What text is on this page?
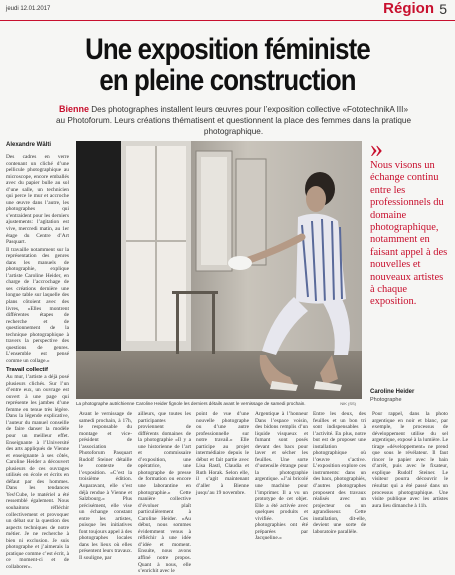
jeudi 12.01.2017	Région 5
Une exposition féministe
en pleine construction
Bienne Des photographes installent leurs œuvres pour l’exposition collective «FototechnikA III» au Photoforum. Leurs créations thématisent et questionnent la place des femmes dans la pratique photographique.
Alexandre Wälti

Des cadres en verre contenant un cliché d’une pellicule photographique au microscope, encore emballés avec du papier bulle au sol d’une salle, un technicien qui perce le mur et accroche une œuvre dans l’autre, les photographes qui s’entraident pour les derniers ajustements: l’agitation est vive, mercredi matin, au 1er étage du Centre d’Art Pasquart.

Il travaille notamment sur la représentation des genres dans les manuels de photographie, explique l’artiste Caroline Heider, en charge de l’accrochage de ses créations dernière une longue table sur laquelle des plans côtoient avec des livres, «Elles montrent différentes étapes de recherche et de questionnement de la technique photographique à travers la perspective des questions de genres. L’ensemble est pensé comme un collage.»

Travail collectif

Au mur, l’artiste a déjà posé plusieurs clichés. Sur l’un d’entre eux, un ouvrage est ouvert à une page qui représente les jambes d’une femme en tenue très légère. Dans la légende explicative, l’auteur du manuel conseille de faire danser la modèle pour un meilleur effet. Enseignante à l’Université des arts appliqués de Vienne et enseignante à ses côtés, Caroline Heider a découvert plusieurs de ces ouvrages utilisés en école et écrits en défaut par des hommes. Dans les tendances Yes!Cube, le matériel a été ressemblé également. Nous souhaitons réfléchir collectivement et provoquer un débat sur la question des aspects techniques de notre métier. Je ne recherche à bien ni exclusion. Je suis photographe et j’aimerais la pratique comme c’est écrit, à ce moment-ci et de collaborer».

La photographe autrichienne Caroline Heider fignole les derniers détails avant le vernissage de samedi prochain.	NIK (SS)
»
Nous visons un échange continu entre les professionnels du domaine photographique, notamment en faisant appel à des nouvelles et nouveaux artistes à chaque exposition.
Caroline Heider
Photographe
Avant le vernissage de samedi prochain, à 17h, le responsable du montage et vice-président de l’association Photoforum Pasquart Rudolf Steiner détaille le contexte de l’exposition. «C’est la troisième édition. Auparavant, elle s’est déjà rendue à Vienne et Salzbourg.» Plus précisément, elle vise un échange constant entre les artistes, puisque les initiatives font toujours appel à des photographes locales dans les lieux où elles présentent leurs travaux. Il souligne, par
ailleurs, que toutes les participantes proviennent de différents domaines de la photographie «Il y a une historienne de l’art et commissaire d’exposition, une opératrice, une photographe de presse de formation ou encore une laborantine en photographie.» Cette manière collective d’évoluer plaît particulièrement à Caroline Heider. «Au début, nous sommes évidemment venus à réfléchir à une idée d’idée et moment. Ensuite, nous avons affiné notre propos. Quant à nous, elle s’enrichit avec le
point de vue d’une nouvelle photographe ou d’une autre professionnelle sur notre travail.» Elle participe au projet intermédiaire depuis le début et fait partie avec Lisa Rastl, Claudia et Ruth Horak. Selon elle, il s’agit maintenant d’aller à Bienne jusqu’au 19 novembre.
Argentique à l’honneur Dans l’espace voisin, des bidons remplis d’un liquide visqueux et fumant sont posés devant des bacs pour laver et sécher les feuilles. Une sorte d’ustensile étrange pour la photographie argentique. «J’ai bricolé une machine pour l’imprimer. Il a vu un prototype de cet objet. Elle a été activée avec quelques produits et vivifiée. Ces photographies ont été préparées par Jacqueline.»
Entre les deux, des feuilles et un bon tri sont indispensables à l’activité. En plus, notre but est de proposer une installation photographique où l’œuvre s’active. L’exposition explore ces instruments: dans un des bacs, photographiés, d’autres photographes proposent des travaux réalisés avec un projecteur ou un agrandisseur. Cette installation, dit-elle, devient une sorte de laboratoire parallèle.
Pour rappel, dans la photo argentique en noir et blanc, par exemple, le processus de développement utilise du sel argentique, exposé à la lumière. Le tirage «développement» ne prend que sous le révélateur. Il faut rincer le papier avec le bain d’arrêt, puis avec le fixateur, explique Rudolf Steiner. Le visiteur pourra découvrir le résultat qui a été passé dans un processus photographique. Une visite publique avec les artistes aura lieu dimanche à 11h.
